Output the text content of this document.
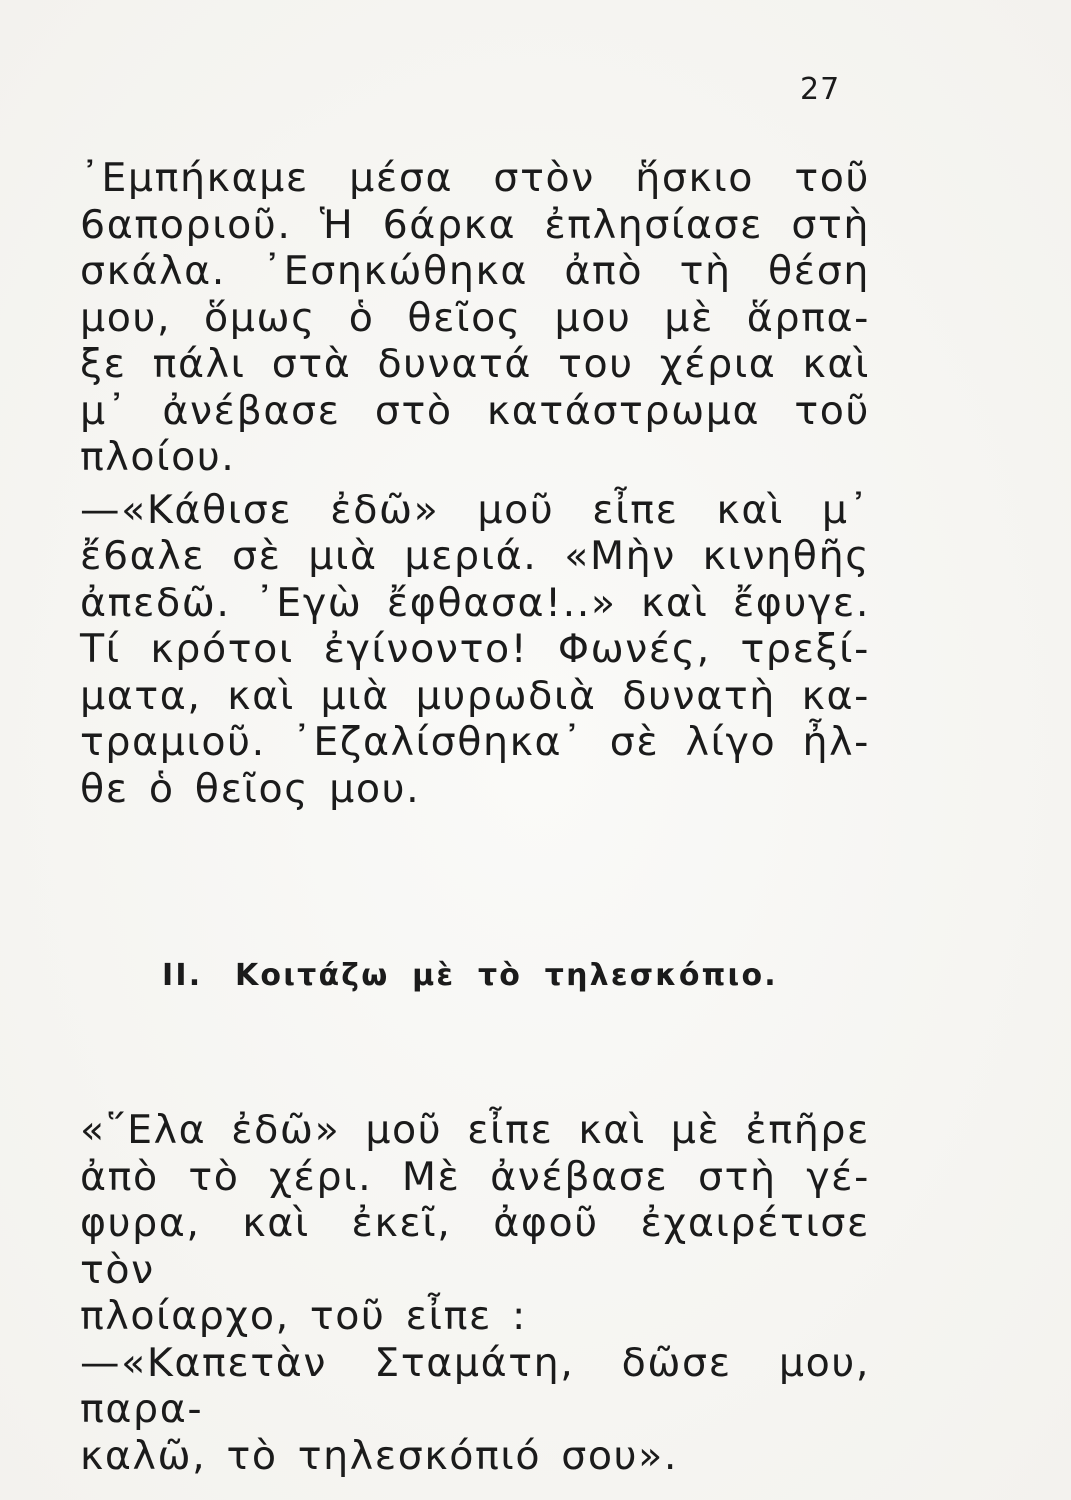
27
᾿Εμπήκαμε μέσα στὸν ἥσκιο τοῦ
6αποριοῦ. Ἡ 6άρκα ἐπλησίασε στὴ
σκάλα. ᾿Εσηκώθηκα ἀπὸ τὴ θέση
μου, ὅμως ὁ θεῖος μου μὲ ἅρπα-
ξε πάλι στὰ δυνατά του χέρια καὶ
μ᾿ ἀνέβασε στὸ κατάστρωμα τοῦ
πλοίου.
—«Κάθισε ἐδῶ» μοῦ εἶπε καὶ μ᾿
ἔ6αλε σὲ μιὰ μεριά. «Μὴν κινηθῆς
ἀπεδῶ. ᾿Εγὼ ἔφθασα!..» καὶ ἔφυγε.
Τί κρότοι ἐγίνοντο! Φωνές, τρεξί-
ματα, καὶ μιὰ μυρωδιὰ δυνατὴ κα-
τραμιοῦ. ᾿Εζαλίσθηκα᾿ σὲ λίγο ἦλ-
θε ὁ θεῖος μου.
II. Κοιτάζω μὲ τὸ τηλεσκόπιο.
«῞Ελα ἐδῶ» μοῦ εἶπε καὶ μὲ ἐπῆρε
ἀπὸ τὸ χέρι. Μὲ ἀνέβασε στὴ γέ-
φυρα, καὶ ἐκεῖ, ἀφοῦ ἐχαιρέτισε τὸν
πλοίαρχο, τοῦ εἶπε :
—«Καπετὰν Σταμάτη, δῶσε μου, παρα-
καλῶ, τὸ τηλεσκόπιό σου».
